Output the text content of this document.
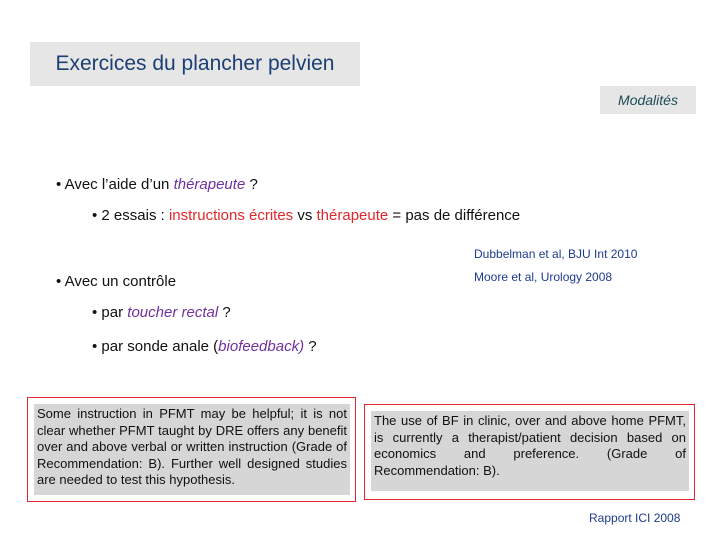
Exercices du plancher pelvien
Modalités
• Avec l’aide d’un thérapeute ?
• 2 essais : instructions écrites vs thérapeute = pas de différence
• Avec un contrôle
• par toucher rectal ?
• par sonde anale (biofeedback) ?
Dubbelman et al, BJU Int 2010
Moore et al, Urology 2008
Some instruction in PFMT may be helpful; it is not clear whether PFMT taught by DRE offers any benefit over and above verbal or written instruction (Grade of Recommendation: B). Further well designed studies are needed to test this hypothesis.
The use of BF in clinic, over and above home PFMT, is currently a therapist/patient decision based on economics and preference. (Grade of Recommendation: B).
Rapport ICI 2008
